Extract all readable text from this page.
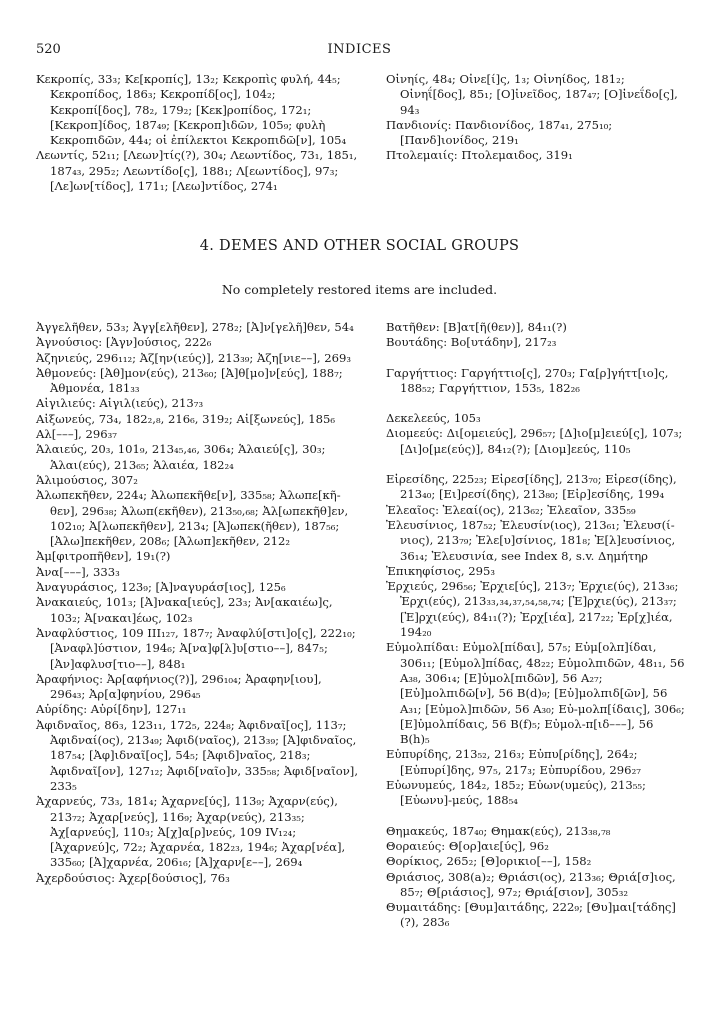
520	INDICES

Κεκροπίς, 33₃; Κε[κροπίς], 13₂; Κεκροπὶς φυλή, 44₅; Κεκροπίδος, 186₃; Κεκροπίδ[ος], 104₂; Κεκροπί[δος], 78₂, 179₂; [Κεκ]ροπίδος, 172₁; [Κεκροπ]ίδος, 187₄₉; [Κεκροπ]ιδῶν, 105₉; φυλὴ Κεκροπιδῶν, 44₄; οἱ ἐπίλεκτοι Κεκροπιδῶ[ν], 105₄

Λεωντίς, 52₁₁; [Λεων]τίς(?), 30₄; Λεωντίδος, 73₁, 185₁, 187₄₃, 295₂; Λεωντίδο[ς], 188₁; Λ[εωντίδος], 97₃; [Λε]ων[τίδος], 171₁; [Λεω]ντίδος, 274₁

Οἰνηίς, 48₄; Οἰνε[ί]ς, 1₃; Οἰνηίδος, 181₂; Οἰνηΐ[δος], 85₁; [Ο]ἰνεῖδος, 187₄₇; [Ο]ἰνεΐδο[ς], 94₃

Πανδιονίς: Πανδιονίδος, 187₄₁, 275₁₀; [Πανδ]ιονίδος, 219₁

Πτολεμαιίς: Πτολεμαιδος, 319₁

4. DEMES AND OTHER SOCIAL GROUPS
No completely restored items are included.

Ἀγγελῆθεν, 53₃; Ἀγγ[ελῆθεν], 278₂; [Ἀ]ν[γελῆ]θεν, 54₄

Ἀγνούσιος: [Ἀγν]ούσιος, 222₆

Ἀζηνιεύς, 296₁₁₂; Ἀζ[ην(ιεύς)], 213₃₉; Ἀζη[νιε––], 269₃

Ἀθμονεύς: [Ἀθ]μον(εύς), 213₆₀; [Ἀ]θ[μο]ν[εύς], 188₇; Ἀθμονέα, 181₃₃

Αἰγιλιεύς: Αἰγιλ(ιεύς), 213₇₃

Αἰξωνεύς, 73₄, 182₂,₈, 216₆, 319₂; Αἰ[ξωνεύς], 185₆

Αλ[–––], 296₃₇

Ἁλαιεύς, 20₃, 101₉, 213₄₅,₄₆, 306₄; Ἁλαιεύ[ς], 30₃; Ἁλαι(εύς), 213₆₅; Ἁλαιέα, 182₂₄

Ἁλιμούσιος, 307₂

Ἀλωπεκῆθεν, 224₄; Ἀλωπεκῆθε[ν], 335₅₈; Ἀλωπε[κῆ-θεν], 296₃₈; Ἀλωπ(εκῆθεν), 213₅₀,₆₈; Ἀλ[ωπεκῆθ]εν, 102₁₀; Ἀ[λωπεκῆθεν], 213₄; [Ἀ]ωπεκ(ῆθεν), 187₅₆; [Ἀλω]πεκῆθεν, 208₆; [Ἀλωπ]εκῆθεν, 212₂

Ἀμ[φιτροπῆθεν], 19₁(?)

Ἀνα[–––], 333₃

Ἀναγυράσιος, 123₉; [Ἀ]ναγυράσ[ιος], 125₆

Ἀνακαιεύς, 101₃; [Ἀ]νακα[ιεύς], 23₃; Ἀν[ακαιέω]ς, 103₂; Ἀ[νακαι]έως, 102₃

Ἀναφλύστιος, 109 III₁₂₇, 187₇; Ἀναφλύ[στι]ο[ς], 222₁₀; [Ἀναφλ]ύστιον, 194₆; Ἀ[να]φ[λ]υ[στιο––], 847₅; [Ἀν]αφλυσ[τιο––], 848₁

Ἀραφήνιος: Ἀρ[αφήνιος(?)], 296₁₀₄; Ἀραφην[ιου], 296₄₃; Ἀρ[α]φηνίου, 296₄₅

Αὐρίδης: Αὐρί[δην], 127₁₁

Ἀφιδναῖος, 86₃, 123₁₁, 172₅, 224₈; Ἀφιδναῖ[ος], 113₇; Ἀφιδναί(ος), 213₄₉; Ἀφιδ(ναῖος), 213₃₉; [Ἀ]φιδναῖος, 187₅₄; [Ἀφ]ιδναῖ[ος], 54₅; [Ἀφιδ]ναῖος, 218₃; Ἀφιδναῖ[ον], 127₁₂; Ἀφιδ[ναῖο]ν, 335₅₈; Ἀφιδ[ναῖον], 233₅

Ἀχαρνεύς, 73₃, 181₄; Ἀχαρνε[ύς], 113₉; Ἀχαρν(εύς), 213₇₂; Ἀχαρ[νεύς], 116₉; Ἀχαρ(νεύς), 213₃₅; Ἀχ[αρνεύς], 110₃; Ἀ[χ]α[ρ]νεύς, 109 IV₁₂₄; [Ἀχαρνεύ]ς, 72₂; Ἀχαρνέα, 182₂₃, 194₆; Ἀχαρ[νέα], 335₆₀; [Ἀ]χαρνέα, 206₁₆; [Ἀ]χαρν[ε––], 269₄

Ἀχερδούσιος: Ἀχερ[δούσιος], 76₃

Βατῆθεν: [Β]ατ[ῆ(θεν)], 84₁₁(?)

Βουτάδης: Βο[υτάδην], 217₂₃

Γαργήττιος: Γαργήττιο[ς], 270₃; Γα[ρ]γήττ[ιο]ς, 188₅₂; Γαργήττιον, 153₅, 182₂₆

Δεκελεεύς, 105₃

Διομεεύς: Δι[ομειεύς], 296₅₇; [Δ]ιο[μ]ειεύ[ς], 107₃; [Δι]ο[με(εύς)], 84₁₂(?); [Διομ]εεύς, 110₅

Εἰρεσίδης, 225₂₃; Εἰρεσ[ίδης], 213₇₀; Εἰρεσ(ίδης), 213₄₀; [Ει]ρεσί(δης), 213₈₀; [Εἰρ]εσίδης, 199₄

Ἐλεαῖος: Ἐλεαί(ος), 213₆₂; Ἐλεαῖον, 335₅₉

Ἐλευσίνιος, 187₅₂; Ἐλευσίν(ιος), 213₆₁; Ἐλευσ(ί-νιος), 213₇₉; Ἐλε[υ]σίνιος, 181₈; Ἐ[λ]ευσίνιος, 36₁₄; Ἐλευσινία, see Index 8, s.v. Δημήτηρ

Ἐπικηφίσιος, 295₃

Ἐρχιεύς, 296₅₆; Ἐρχιε[ύς], 213₇; Ἐρχιε(ύς), 213₃₆; Ἐρχι(εύς), 213₃₃,₃₄,₃₇,₅₄,₅₈,₇₄; [Ἐ]ρχιε(ύς), 213₃₇; [Ἐ]ρχι(εύς), 84₁₁(?); Ἐρχ[ιέα], 217₂₂; Ἐρ[χ]ιέα, 194₂₀

Εὐμολπίδαι: Εὐμολ[πίδαι], 57₅; Εὐμ[ολπ]ίδαι, 306₁₁; [Εὐμολ]πίδας, 48₂₂; Εὐμολπιδῶν, 48₁₁, 56 A₃₈, 306₁₄; [Ε]ὐμολ[πιδῶν], 56 A₂₇; [Εὐ]μολπιδῶ[ν], 56 B(d)₉; [Εὐ]μολπιδ[ῶν], 56 A₃₁; [Εὐμολ]πιδῶν, 56 A₃₀; Εὐ-μολπ[ίδαις], 306₆; [Ε]ὐμολπίδαις, 56 B(f)₅; Εὐμολ-π[ιδ–––], 56 B(h)₅

Εὐπυρίδης, 213₅₂, 216₃; Εὐπυ[ρίδης], 264₂; [Εὐπυρί]δης, 97₅, 217₃; Εὐπυρίδου, 296₂₇

Εὐωνυμεύς, 184₂, 185₂; Εὐων(υμεύς), 213₅₅; [Εὐωνυ]-μεύς, 188₅₄

Θημακεύς, 187₄₀; Θημακ(εύς), 213₃₈,₇₈

Θοραιεύς: Θ[ορ]αιε[ύς], 96₂

Θορίκιος, 265₂; [Θ]ορικιο[––], 158₂

Θριάσιος, 308(a)₂; Θριάσι(ος), 213₃₆; Θριά[σ]ιος, 85₇; Θ[ριάσιος], 97₂; Θριά[σιον], 305₃₂

Θυμαιτάδης: [Θυμ]αιτάδης, 222₉; [Θυ]μαι[τάδης](?), 283₆
